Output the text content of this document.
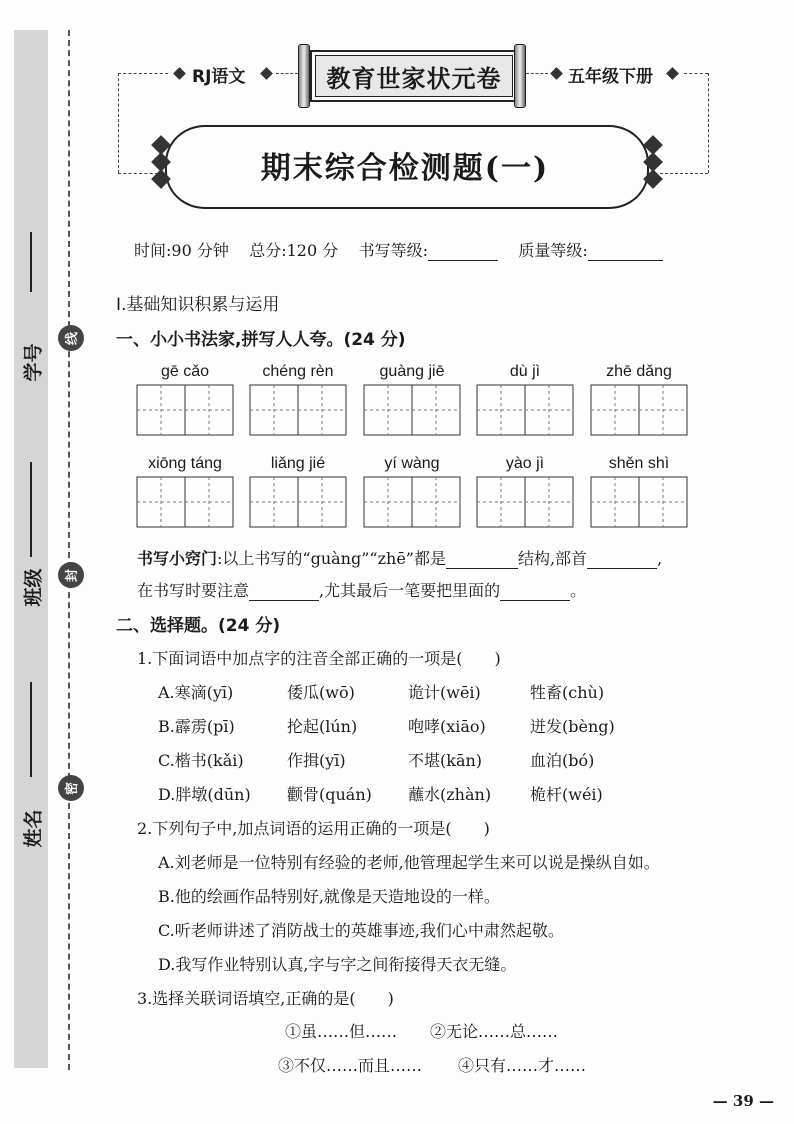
学号
班级
姓名
线
封
密
RJ语文	教育世家状元卷	五年级下册
期末综合检测题(一)
时间:90 分钟 总分:120 分 书写等级:	质量等级:
Ⅰ.基础知识积累与运用
一、小小书法家,拼写人人夸。(24 分)
gē cǎo	chéng rèn	guàng jiē	dù jì	zhē dǎng
xiōng táng	liǎng jié	yí wàng	yào jì	shěn shì
书写小窍门:以上书写的“guàng”“zhē”都是	结构,部首	,
在书写时要注意	,尤其最后一笔要把里面的	。
二、选择题。(24 分)
1.下面词语中加点字的注音全部正确的一项是(　　)
A.寒滴(yī)	倭瓜(wō)	诡计(wēi)	牲畜(chù)
B.霹雳(pī)	抡起(lún)	咆哮(xiāo)	迸发(bèng)
C.楷书(kǎi)	作揖(yī)	不堪(kān)	血泊(bó)
D.胖墩(dūn) 颧骨(quán) 蘸水(zhàn) 桅杆(wéi)
2.下列句子中,加点词语的运用正确的一项是(　　)
A.刘老师是一位特别有经验的老师,他管理起学生来可以说是操纵自如。
B.他的绘画作品特别好,就像是天造地设的一样。
C.听老师讲述了消防战士的英雄事迹,我们心中肃然起敬。
D.我写作业特别认真,字与字之间衔接得天衣无缝。
3.选择关联词语填空,正确的是(　　)
①虽……但…… ②无论……总……
③不仅……而且…… ④只有……才……
— 39 —
